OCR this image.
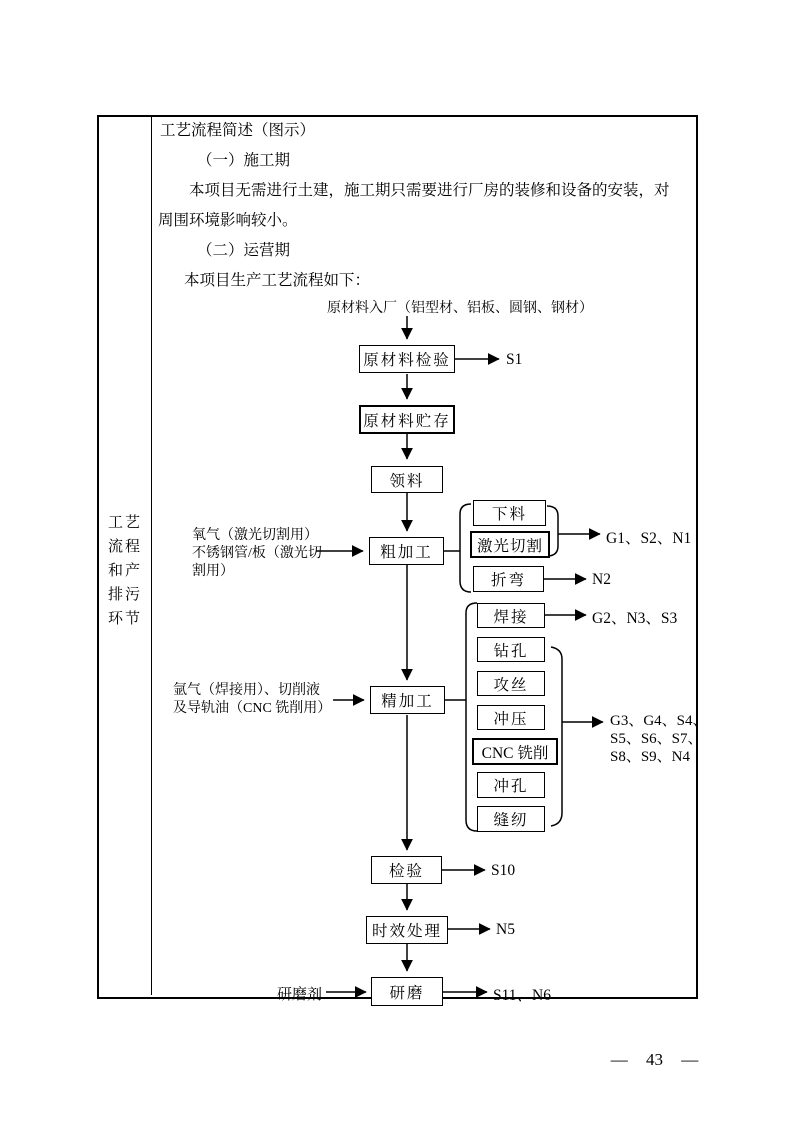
工艺
流程
和产
排污
环节
工艺流程简述（图示）
（一）施工期
本项目无需进行土建，施工期只需要进行厂房的装修和设备的安装，对
周围环境影响较小。
（二）运营期
本项目生产工艺流程如下：
原材料入厂（铝型材、铝板、圆钢、钢材）
原材料检验
原材料贮存
领料
粗加工
精加工
检验
时效处理
研磨
下料
激光切割
折弯
焊接
钻孔
攻丝
冲压
CNC 铣削
冲孔
缝纫
氧气（激光切割用）
不锈钢管/板（激光切
割用）
氩气（焊接用）、切削液
及导轨油（CNC 铣削用）
研磨剂
S1
G1、S2、N1
N2
G2、N3、S3
G3、G4、S4、
S5、S6、S7、
S8、S9、N4
S10
N5
S11、N6
— 43 —
